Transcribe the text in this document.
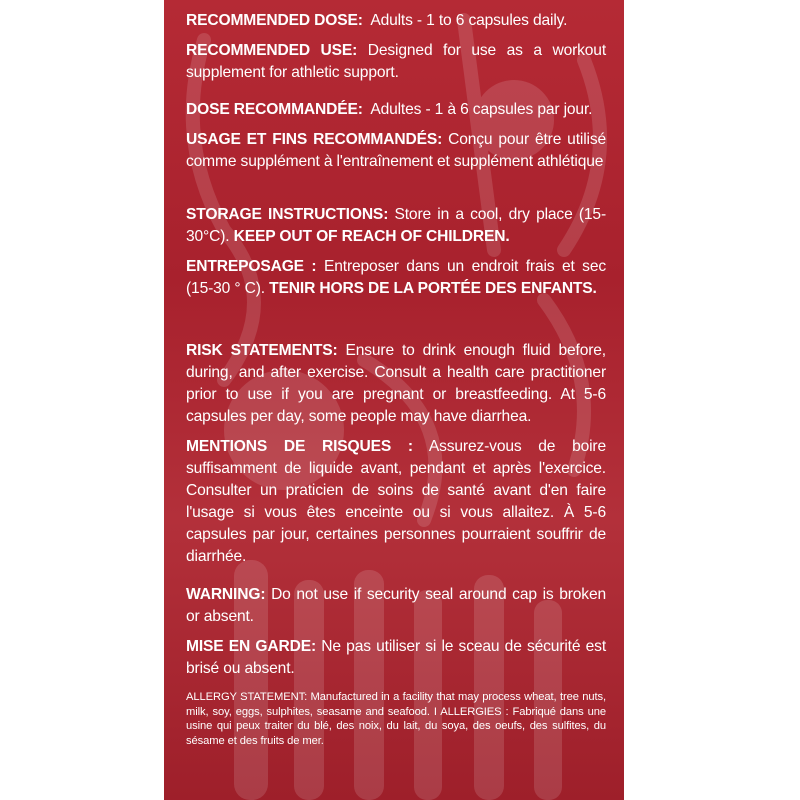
RECOMMENDED DOSE: Adults - 1 to 6 capsules daily.

RECOMMENDED USE: Designed for use as a workout supplement for athletic support.

DOSE RECOMMANDÉE: Adultes - 1 à 6 capsules par jour.

USAGE ET FINS RECOMMANDÉS: Conçu pour être utilisé comme supplément à l'entraînement et supplément athlétique

STORAGE INSTRUCTIONS: Store in a cool, dry place (15-30°C). KEEP OUT OF REACH OF CHILDREN.

ENTREPOSAGE : Entreposer dans un endroit frais et sec (15-30 ° C). TENIR HORS DE LA PORTÉE DES ENFANTS.

RISK STATEMENTS: Ensure to drink enough fluid before, during, and after exercise. Consult a health care practitioner prior to use if you are pregnant or breastfeeding. At 5-6 capsules per day, some people may have diarrhea.

MENTIONS DE RISQUES : Assurez-vous de boire suffisamment de liquide avant, pendant et après l'exercice. Consulter un praticien de soins de santé avant d'en faire l'usage si vous êtes enceinte ou si vous allaitez. À 5-6 capsules par jour, certaines personnes pourraient souffrir de diarrhée.

WARNING: Do not use if security seal around cap is broken or absent.

MISE EN GARDE: Ne pas utiliser si le sceau de sécurité est brisé ou absent.

ALLERGY STATEMENT: Manufactured in a facility that may process wheat, tree nuts, milk, soy, eggs, sulphites, seasame and seafood. I ALLERGIES : Fabriqué dans une usine qui peux traiter du blé, des noix, du lait, du soya, des oeufs, des sulfites, du sésame et des fruits de mer.
